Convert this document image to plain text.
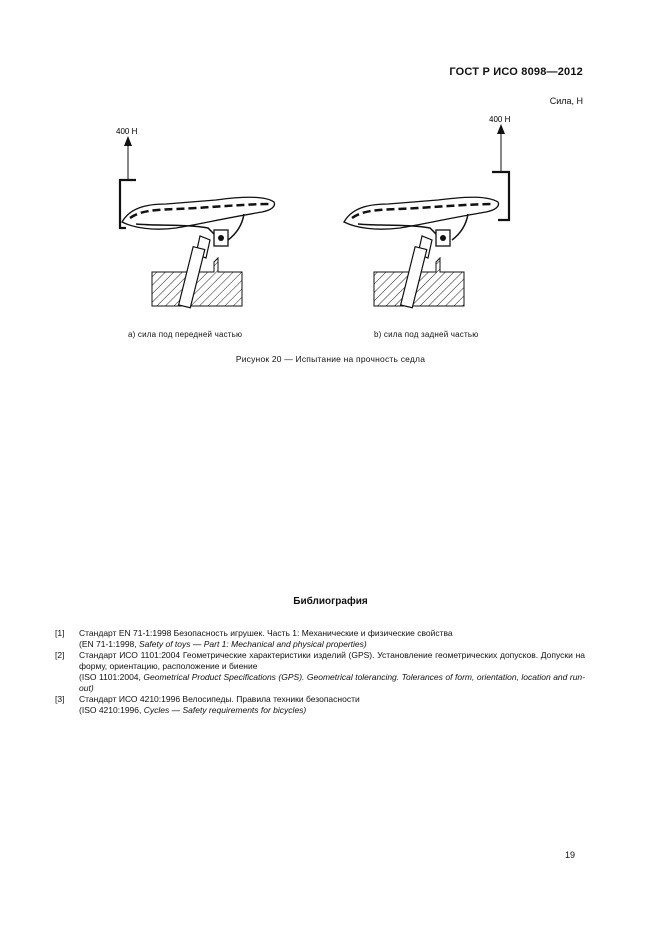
ГОСТ Р ИСО 8098—2012
Сила, Н
400 Н
400 Н
а) сила под передней частью	b) сила под задней частью
Рисунок 20 — Испытание на прочность седла
Библиография
[1]	Стандарт EN 71-1:1998 Безопасность игрушек. Часть 1: Механические и физические свойства
(EN 71-1:1998, Safety of toys — Part 1: Mechanical and physical properties)
[2]	Стандарт ИСО 1101:2004 Геометрические характеристики изделий (GPS). Установление геометрических допусков. Допуски на форму, ориентацию, расположение и биение
(ISO 1101:2004, Geometrical Product Specifications (GPS). Geometrical tolerancing. Tolerances of form, orientation, location and run-out)
[3]	Стандарт ИСО 4210:1996 Велосипеды. Правила техники безопасности
(ISO 4210:1996, Cycles — Safety requirements for bicycles)
19
